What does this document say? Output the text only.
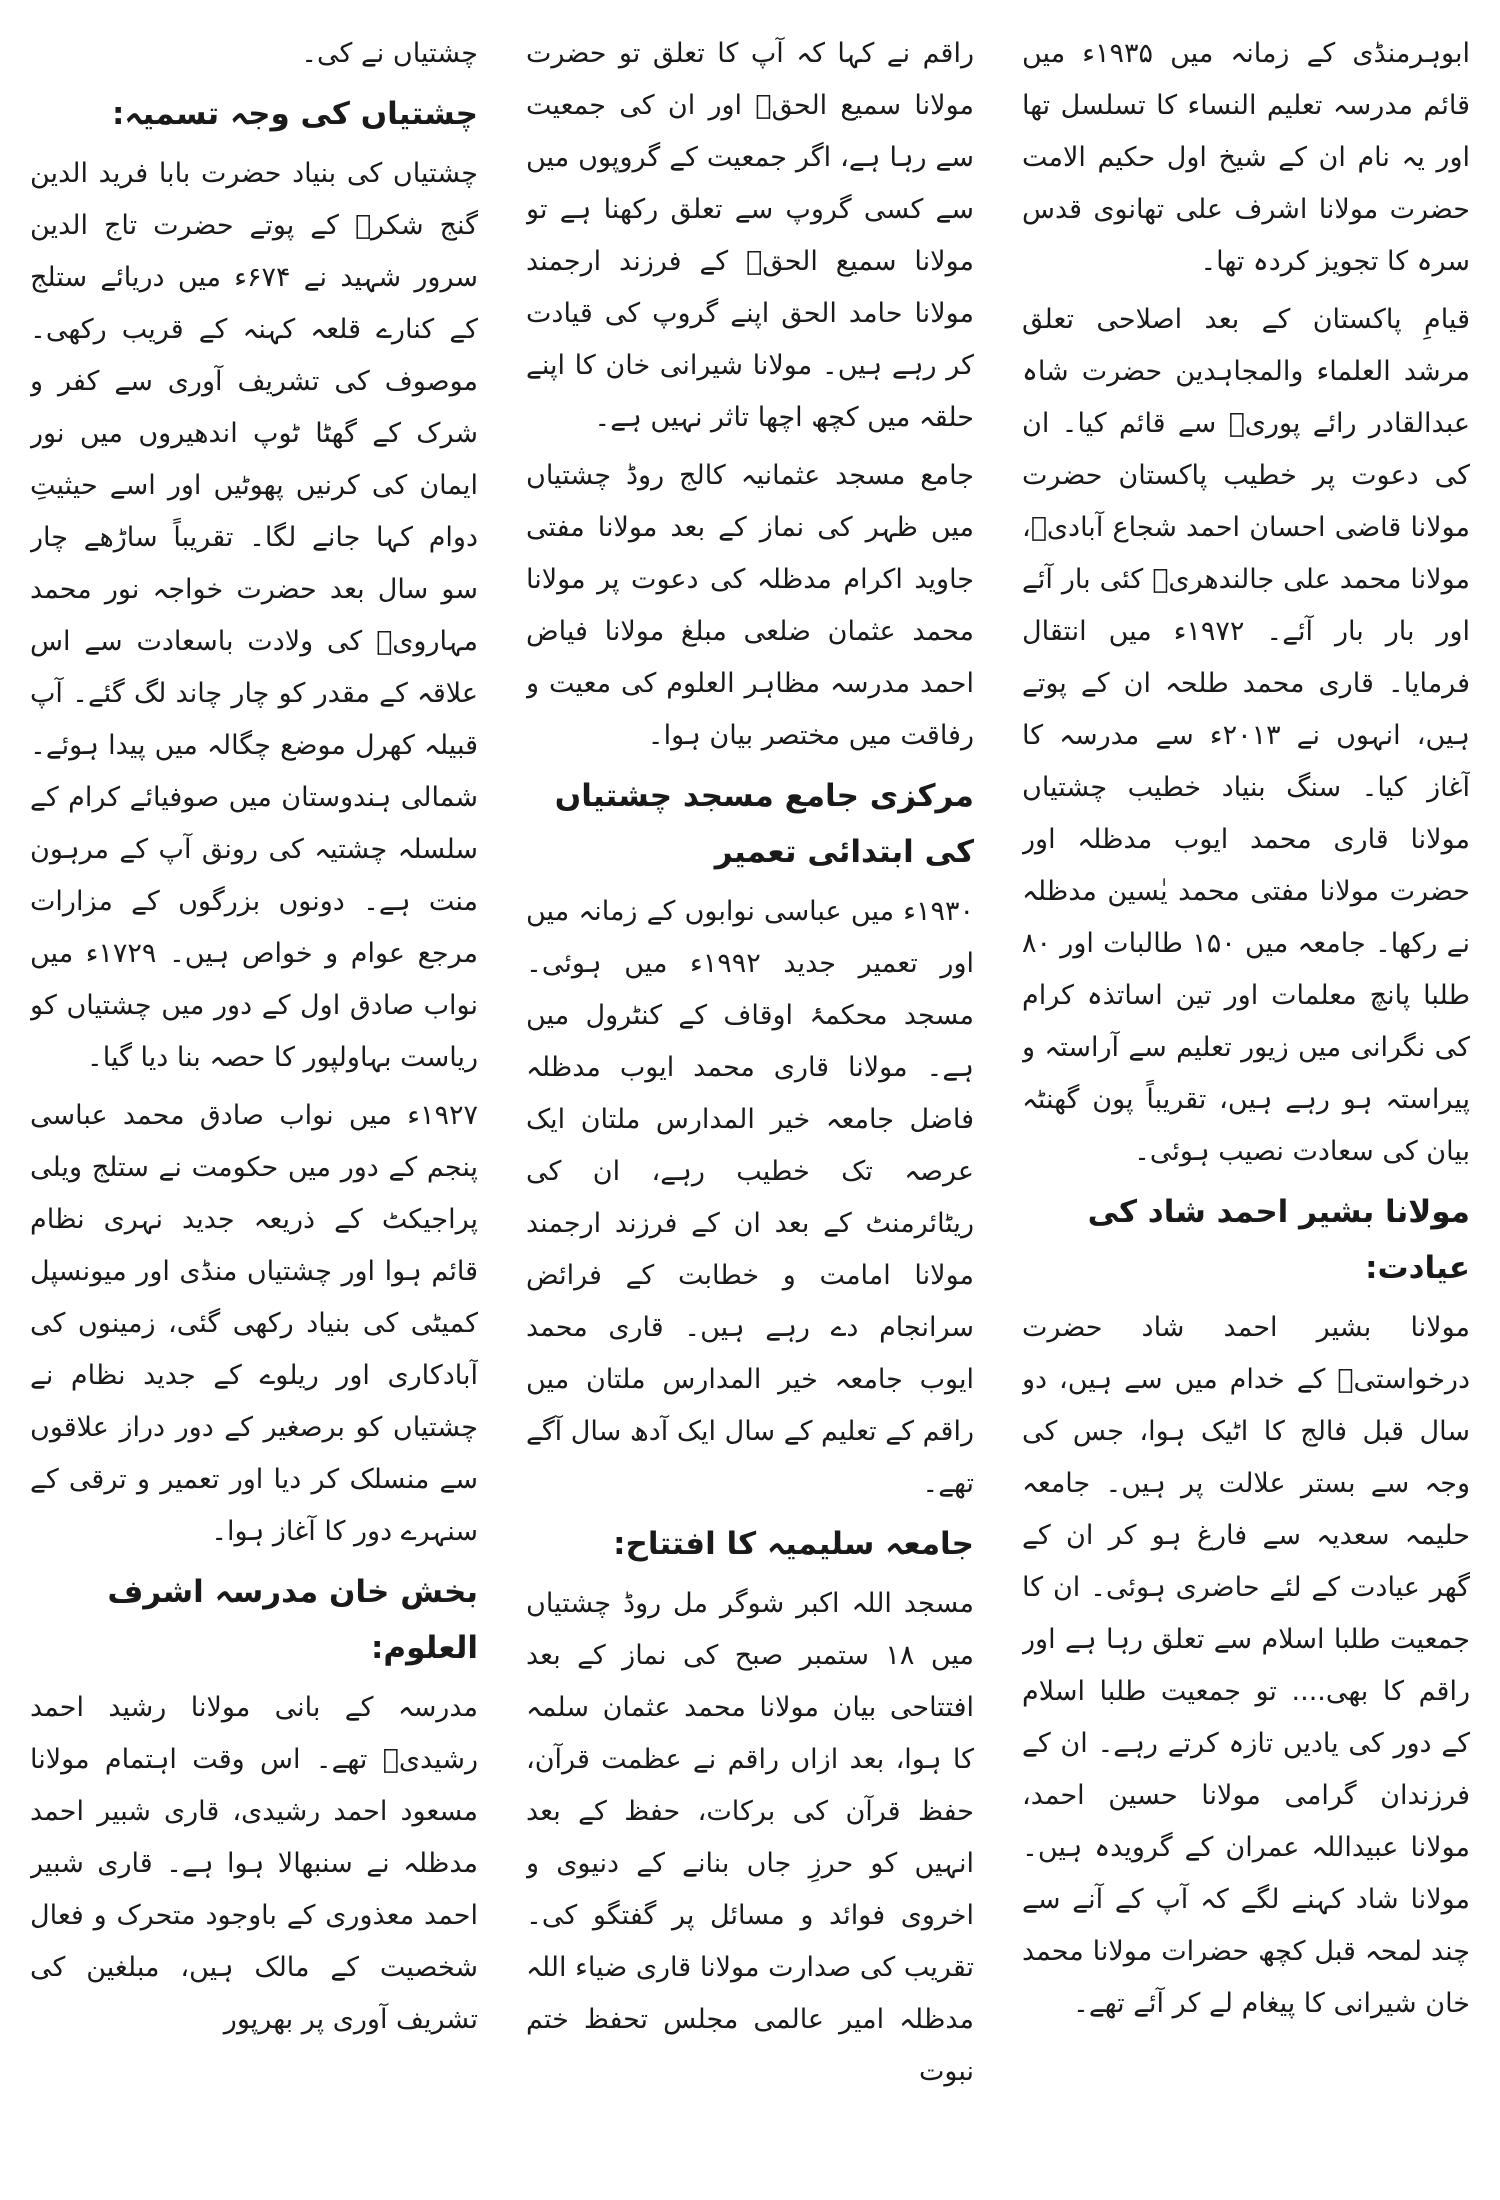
ابوہرمنڈی کے زمانہ میں ۱۹۳۵ء میں قائم مدرسہ تعلیم النساء کا تسلسل تھا اور یہ نام ان کے شیخ اول حکیم الامت حضرت مولانا اشرف علی تھانوی قدس سرہ کا تجویز کردہ تھا۔
قیامِ پاکستان کے بعد اصلاحی تعلق مرشد العلماء والمجاہدین حضرت شاہ عبدالقادر رائے پوریؒ سے قائم کیا۔ ان کی دعوت پر خطیب پاکستان حضرت مولانا قاضی احسان احمد شجاع آبادیؒ، مولانا محمد علی جالندھریؒ کئی بار آئے اور بار بار آئے۔ ۱۹۷۲ء میں انتقال فرمایا۔ قاری محمد طلحہ ان کے پوتے ہیں، انہوں نے ۲۰۱۳ء سے مدرسہ کا آغاز کیا۔ سنگ بنیاد خطیب چشتیاں مولانا قاری محمد ایوب مدظلہ اور حضرت مولانا مفتی محمد یٰسین مدظلہ نے رکھا۔ جامعہ میں ۱۵۰ طالبات اور ۸۰ طلبا پانچ معلمات اور تین اساتذہ کرام کی نگرانی میں زیور تعلیم سے آراستہ و پیراستہ ہو رہے ہیں، تقریباً پون گھنٹہ بیان کی سعادت نصیب ہوئی۔
مولانا بشیر احمد شاد کی عیادت:
مولانا بشیر احمد شاد حضرت درخواستیؒ کے خدام میں سے ہیں، دو سال قبل فالج کا اٹیک ہوا، جس کی وجہ سے بستر علالت پر ہیں۔ جامعہ حلیمہ سعدیہ سے فارغ ہو کر ان کے گھر عیادت کے لئے حاضری ہوئی۔ ان کا جمعیت طلبا اسلام سے تعلق رہا ہے اور راقم کا بھی.... تو جمعیت طلبا اسلام کے دور کی یادیں تازہ کرتے رہے۔ ان کے فرزندان گرامی مولانا حسین احمد، مولانا عبیداللہ عمران کے گرویدہ ہیں۔ مولانا شاد کہنے لگے کہ آپ کے آنے سے چند لمحہ قبل کچھ حضرات مولانا محمد خان شیرانی کا پیغام لے کر آئے تھے۔
راقم نے کہا کہ آپ کا تعلق تو حضرت مولانا سمیع الحقؒ اور ان کی جمعیت سے رہا ہے، اگر جمعیت کے گروپوں میں سے کسی گروپ سے تعلق رکھنا ہے تو مولانا سمیع الحقؒ کے فرزند ارجمند مولانا حامد الحق اپنے گروپ کی قیادت کر رہے ہیں۔ مولانا شیرانی خان کا اپنے حلقہ میں کچھ اچھا تاثر نہیں ہے۔
جامع مسجد عثمانیہ کالج روڈ چشتیاں میں ظہر کی نماز کے بعد مولانا مفتی جاوید اکرام مدظلہ کی دعوت پر مولانا محمد عثمان ضلعی مبلغ مولانا فیاض احمد مدرسہ مظاہر العلوم کی معیت و رفاقت میں مختصر بیان ہوا۔
مرکزی جامع مسجد چشتیاں کی ابتدائی تعمیر
۱۹۳۰ء میں عباسی نوابوں کے زمانہ میں اور تعمیر جدید ۱۹۹۲ء میں ہوئی۔ مسجد محکمۂ اوقاف کے کنٹرول میں ہے۔ مولانا قاری محمد ایوب مدظلہ فاضل جامعہ خیر المدارس ملتان ایک عرصہ تک خطیب رہے، ان کی ریٹائرمنٹ کے بعد ان کے فرزند ارجمند مولانا امامت و خطابت کے فرائض سرانجام دے رہے ہیں۔ قاری محمد ایوب جامعہ خیر المدارس ملتان میں راقم کے تعلیم کے سال ایک آدھ سال آگے تھے۔
جامعہ سلیمیہ کا افتتاح:
مسجد اللہ اکبر شوگر مل روڈ چشتیاں میں ۱۸ ستمبر صبح کی نماز کے بعد افتتاحی بیان مولانا محمد عثمان سلمہ کا ہوا، بعد ازاں راقم نے عظمت قرآن، حفظ قرآن کی برکات، حفظ کے بعد انہیں کو حرزِ جاں بنانے کے دنیوی و اخروی فوائد و مسائل پر گفتگو کی۔ تقریب کی صدارت مولانا قاری ضیاء اللہ مدظلہ امیر عالمی مجلس تحفظ ختم نبوت
چشتیاں نے کی۔
چشتیاں کی وجہ تسمیہ:
چشتیاں کی بنیاد حضرت بابا فرید الدین گنج شکرؒ کے پوتے حضرت تاج الدین سرور شہید نے ۶۷۴ء میں دریائے ستلج کے کنارے قلعہ کہنہ کے قریب رکھی۔ موصوف کی تشریف آوری سے کفر و شرک کے گھٹا ٹوپ اندھیروں میں نور ایمان کی کرنیں پھوٹیں اور اسے حیثیتِ دوام کہا جانے لگا۔ تقریباً ساڑھے چار سو سال بعد حضرت خواجہ نور محمد مہارویؒ کی ولادت باسعادت سے اس علاقہ کے مقدر کو چار چاند لگ گئے۔ آپ قبیلہ کھرل موضع چگالہ میں پیدا ہوئے۔ شمالی ہندوستان میں صوفیائے کرام کے سلسلہ چشتیہ کی رونق آپ کے مرہون منت ہے۔ دونوں بزرگوں کے مزارات مرجع عوام و خواص ہیں۔ ۱۷۲۹ء میں نواب صادق اول کے دور میں چشتیاں کو ریاست بہاولپور کا حصہ بنا دیا گیا۔
۱۹۲۷ء میں نواب صادق محمد عباسی پنجم کے دور میں حکومت نے ستلج ویلی پراجیکٹ کے ذریعہ جدید نہری نظام قائم ہوا اور چشتیاں منڈی اور میونسپل کمیٹی کی بنیاد رکھی گئی، زمینوں کی آبادکاری اور ریلوے کے جدید نظام نے چشتیاں کو برصغیر کے دور دراز علاقوں سے منسلک کر دیا اور تعمیر و ترقی کے سنہرے دور کا آغاز ہوا۔
بخش خان مدرسہ اشرف العلوم:
مدرسہ کے بانی مولانا رشید احمد رشیدیؒ تھے۔ اس وقت اہتمام مولانا مسعود احمد رشیدی، قاری شبیر احمد مدظلہ نے سنبھالا ہوا ہے۔ قاری شبیر احمد معذوری کے باوجود متحرک و فعال شخصیت کے مالک ہیں، مبلغین کی تشریف آوری پر بھرپور
